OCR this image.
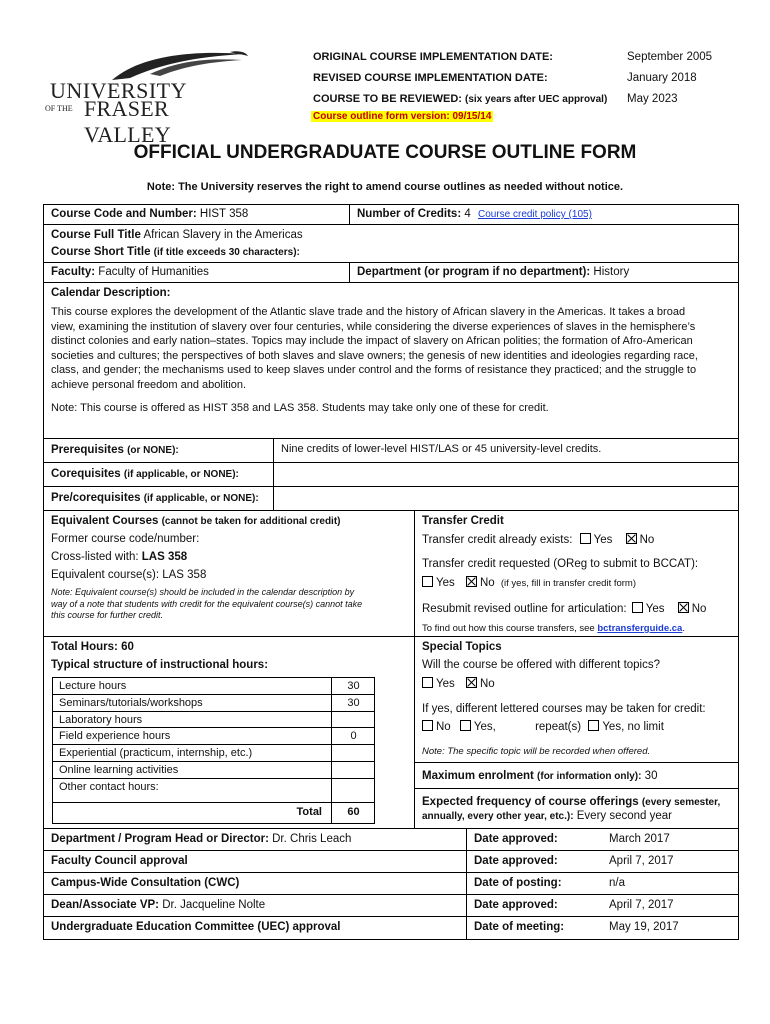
UNIVERSITY
OF THE FRASER VALLEY
ORIGINAL COURSE IMPLEMENTATION DATE:	September 2005
REVISED COURSE IMPLEMENTATION DATE:	January 2018
COURSE TO BE REVIEWED: (six years after UEC approval) May 2023
Course outline form version: 09/15/14
OFFICIAL UNDERGRADUATE COURSE OUTLINE FORM
Note: The University reserves the right to amend course outlines as needed without notice.
Course Code and Number: HIST 358	Number of Credits: 4 Course credit policy (105)
Course Full Title African Slavery in the Americas
Course Short Title (if title exceeds 30 characters):
Faculty: Faculty of Humanities	Department (or program if no department): History
Calendar Description:
This course explores the development of the Atlantic slave trade and the history of African slavery in the Americas. It takes a broad
view, examining the institution of slavery over four centuries, while considering the diverse experiences of slaves in the hemisphere’s
distinct colonies and early nation–states. Topics may include the impact of slavery on African polities; the formation of Afro-American
societies and cultures; the perspectives of both slaves and slave owners; the genesis of new identities and ideologies regarding race,
class, and gender; the mechanisms used to keep slaves under control and the forms of resistance they practiced; and the struggle to
achieve personal freedom and abolition.
Note: This course is offered as HIST 358 and LAS 358. Students may take only one of these for credit.
Prerequisites (or NONE):	Nine credits of lower-level HIST/LAS or 45 university-level credits.
Corequisites (if applicable, or NONE):
Pre/corequisites (if applicable, or NONE):
Equivalent Courses (cannot be taken for additional credit)
Former course code/number:
Cross-listed with: LAS 358
Equivalent course(s): LAS 358
Note: Equivalent course(s) should be included in the calendar description by
way of a note that students with credit for the equivalent course(s) cannot take
this course for further credit.
Transfer Credit
Transfer credit already exists: Yes No
Transfer credit requested (OReg to submit to BCCAT):
Yes No (if yes, fill in transfer credit form)
Resubmit revised outline for articulation: Yes No
To find out how this course transfers, see bctransferguide.ca.
Total Hours: 60
Typical structure of instructional hours:
Special Topics
Will the course be offered with different topics?
Yes No
If yes, different lettered courses may be taken for credit:
No Yes,	repeat(s) Yes, no limit
Note: The specific topic will be recorded when offered.
Maximum enrolment (for information only): 30
Expected frequency of course offerings (every semester,
annually, every other year, etc.): Every second year
Department / Program Head or Director: Dr. Chris Leach	Date approved:	March 2017
Faculty Council approval	Date approved:	April 7, 2017
Campus-Wide Consultation (CWC)	Date of posting:	n/a
Dean/Associate VP: Dr. Jacqueline Nolte	Date approved:	April 7, 2017
Undergraduate Education Committee (UEC) approval	Date of meeting:	May 19, 2017
Lecture hours	30
Seminars/tutorials/workshops	30
Laboratory hours
Field experience hours	0
Experiential (practicum, internship, etc.)
Online learning activities
Other contact hours:
Total	60
